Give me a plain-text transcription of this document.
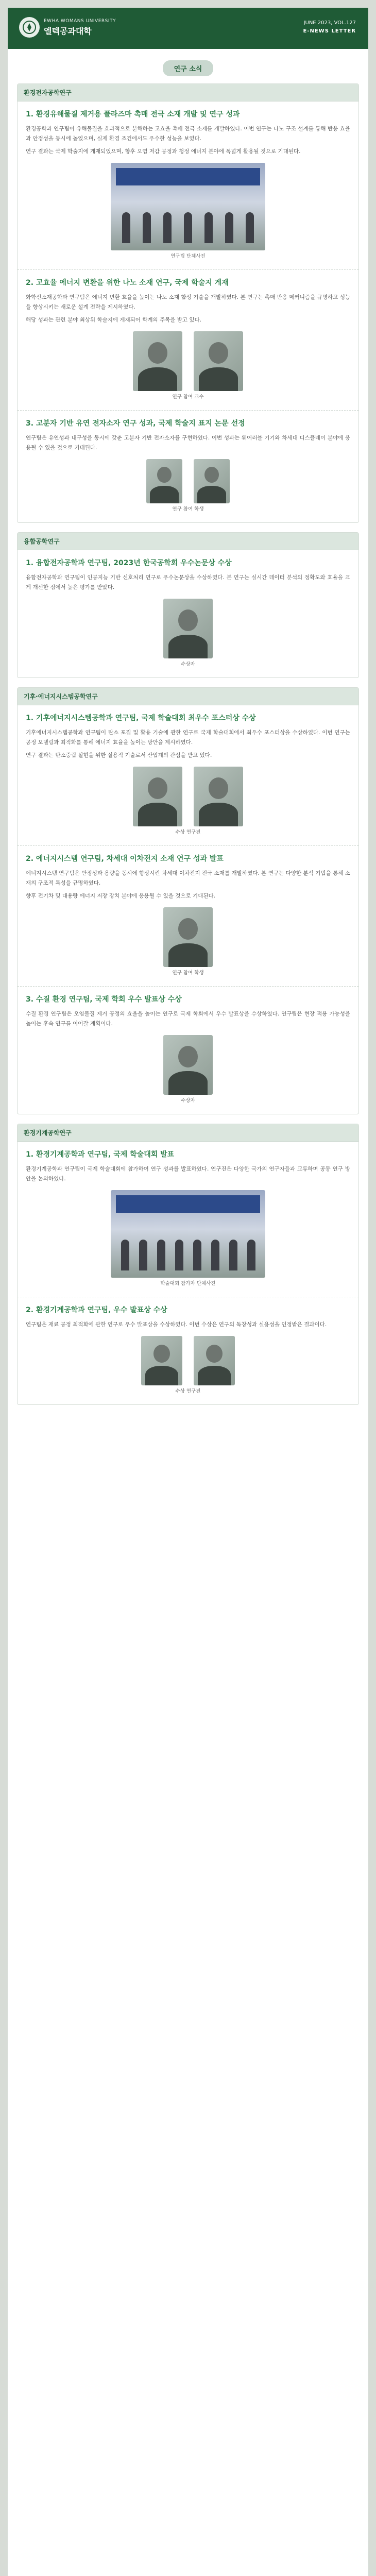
EWHA WOMANS UNIVERSITY
엘텍공과대학
JUNE 2023, VOL.127
E-NEWS LETTER
연구 소식
환경전자공학연구
1. 환경유해물질 제거용 플라즈마 촉매 전극 소재 개발 및 연구 성과

환경공학과 연구팀이 유해물질을 효과적으로 분해하는 고효율 촉매 전극 소재를 개발하였다. 이번 연구는 나노 구조 설계를 통해 반응 효율과 안정성을 동시에 높였으며, 실제 환경 조건에서도 우수한 성능을 보였다.

연구 결과는 국제 학술지에 게재되었으며, 향후 오염 저감 공정과 청정 에너지 분야에 폭넓게 활용될 것으로 기대된다.

연구팀 단체사진
2. 고효율 에너지 변환을 위한 나노 소재 연구, 국제 학술지 게재

화학신소재공학과 연구팀은 에너지 변환 효율을 높이는 나노 소재 합성 기술을 개발하였다. 본 연구는 촉매 반응 메커니즘을 규명하고 성능을 향상시키는 새로운 설계 전략을 제시하였다.

해당 성과는 관련 분야 최상위 학술지에 게재되어 학계의 주목을 받고 있다.

연구 참여 교수
3. 고분자 기반 유연 전자소자 연구 성과, 국제 학술지 표지 논문 선정

연구팀은 유연성과 내구성을 동시에 갖춘 고분자 기반 전자소자를 구현하였다. 이번 성과는 웨어러블 기기와 차세대 디스플레이 분야에 응용될 수 있을 것으로 기대된다.

연구 참여 학생
융합공학연구
1. 융합전자공학과 연구팀, 2023년 한국공학회 우수논문상 수상

융합전자공학과 연구팀이 인공지능 기반 신호처리 연구로 우수논문상을 수상하였다. 본 연구는 실시간 데이터 분석의 정확도와 효율을 크게 개선한 점에서 높은 평가를 받았다.

수상자
기후·에너지시스템공학연구
1. 기후에너지시스템공학과 연구팀, 국제 학술대회 최우수 포스터상 수상

기후에너지시스템공학과 연구팀이 탄소 포집 및 활용 기술에 관한 연구로 국제 학술대회에서 최우수 포스터상을 수상하였다. 이번 연구는 공정 모델링과 최적화를 통해 에너지 효율을 높이는 방안을 제시하였다.

연구 결과는 탄소중립 실현을 위한 실용적 기술로서 산업계의 관심을 받고 있다.

수상 연구진
2. 에너지시스템 연구팀, 차세대 이차전지 소재 연구 성과 발표

에너지시스템 연구팀은 안정성과 용량을 동시에 향상시킨 차세대 이차전지 전극 소재를 개발하였다. 본 연구는 다양한 분석 기법을 통해 소재의 구조적 특성을 규명하였다.

향후 전기차 및 대용량 에너지 저장 장치 분야에 응용될 수 있을 것으로 기대된다.

연구 참여 학생
3. 수질 환경 연구팀, 국제 학회 우수 발표상 수상

수질 환경 연구팀은 오염물질 제거 공정의 효율을 높이는 연구로 국제 학회에서 우수 발표상을 수상하였다. 연구팀은 현장 적용 가능성을 높이는 후속 연구를 이어갈 계획이다.

수상자
환경기계공학연구
1. 환경기계공학과 연구팀, 국제 학술대회 발표

환경기계공학과 연구팀이 국제 학술대회에 참가하여 연구 성과를 발표하였다. 연구진은 다양한 국가의 연구자들과 교류하며 공동 연구 방안을 논의하였다.

학술대회 참가자 단체사진
2. 환경기계공학과 연구팀, 우수 발표상 수상

연구팀은 재료 공정 최적화에 관한 연구로 우수 발표상을 수상하였다. 이번 수상은 연구의 독창성과 실용성을 인정받은 결과이다.

수상 연구진
